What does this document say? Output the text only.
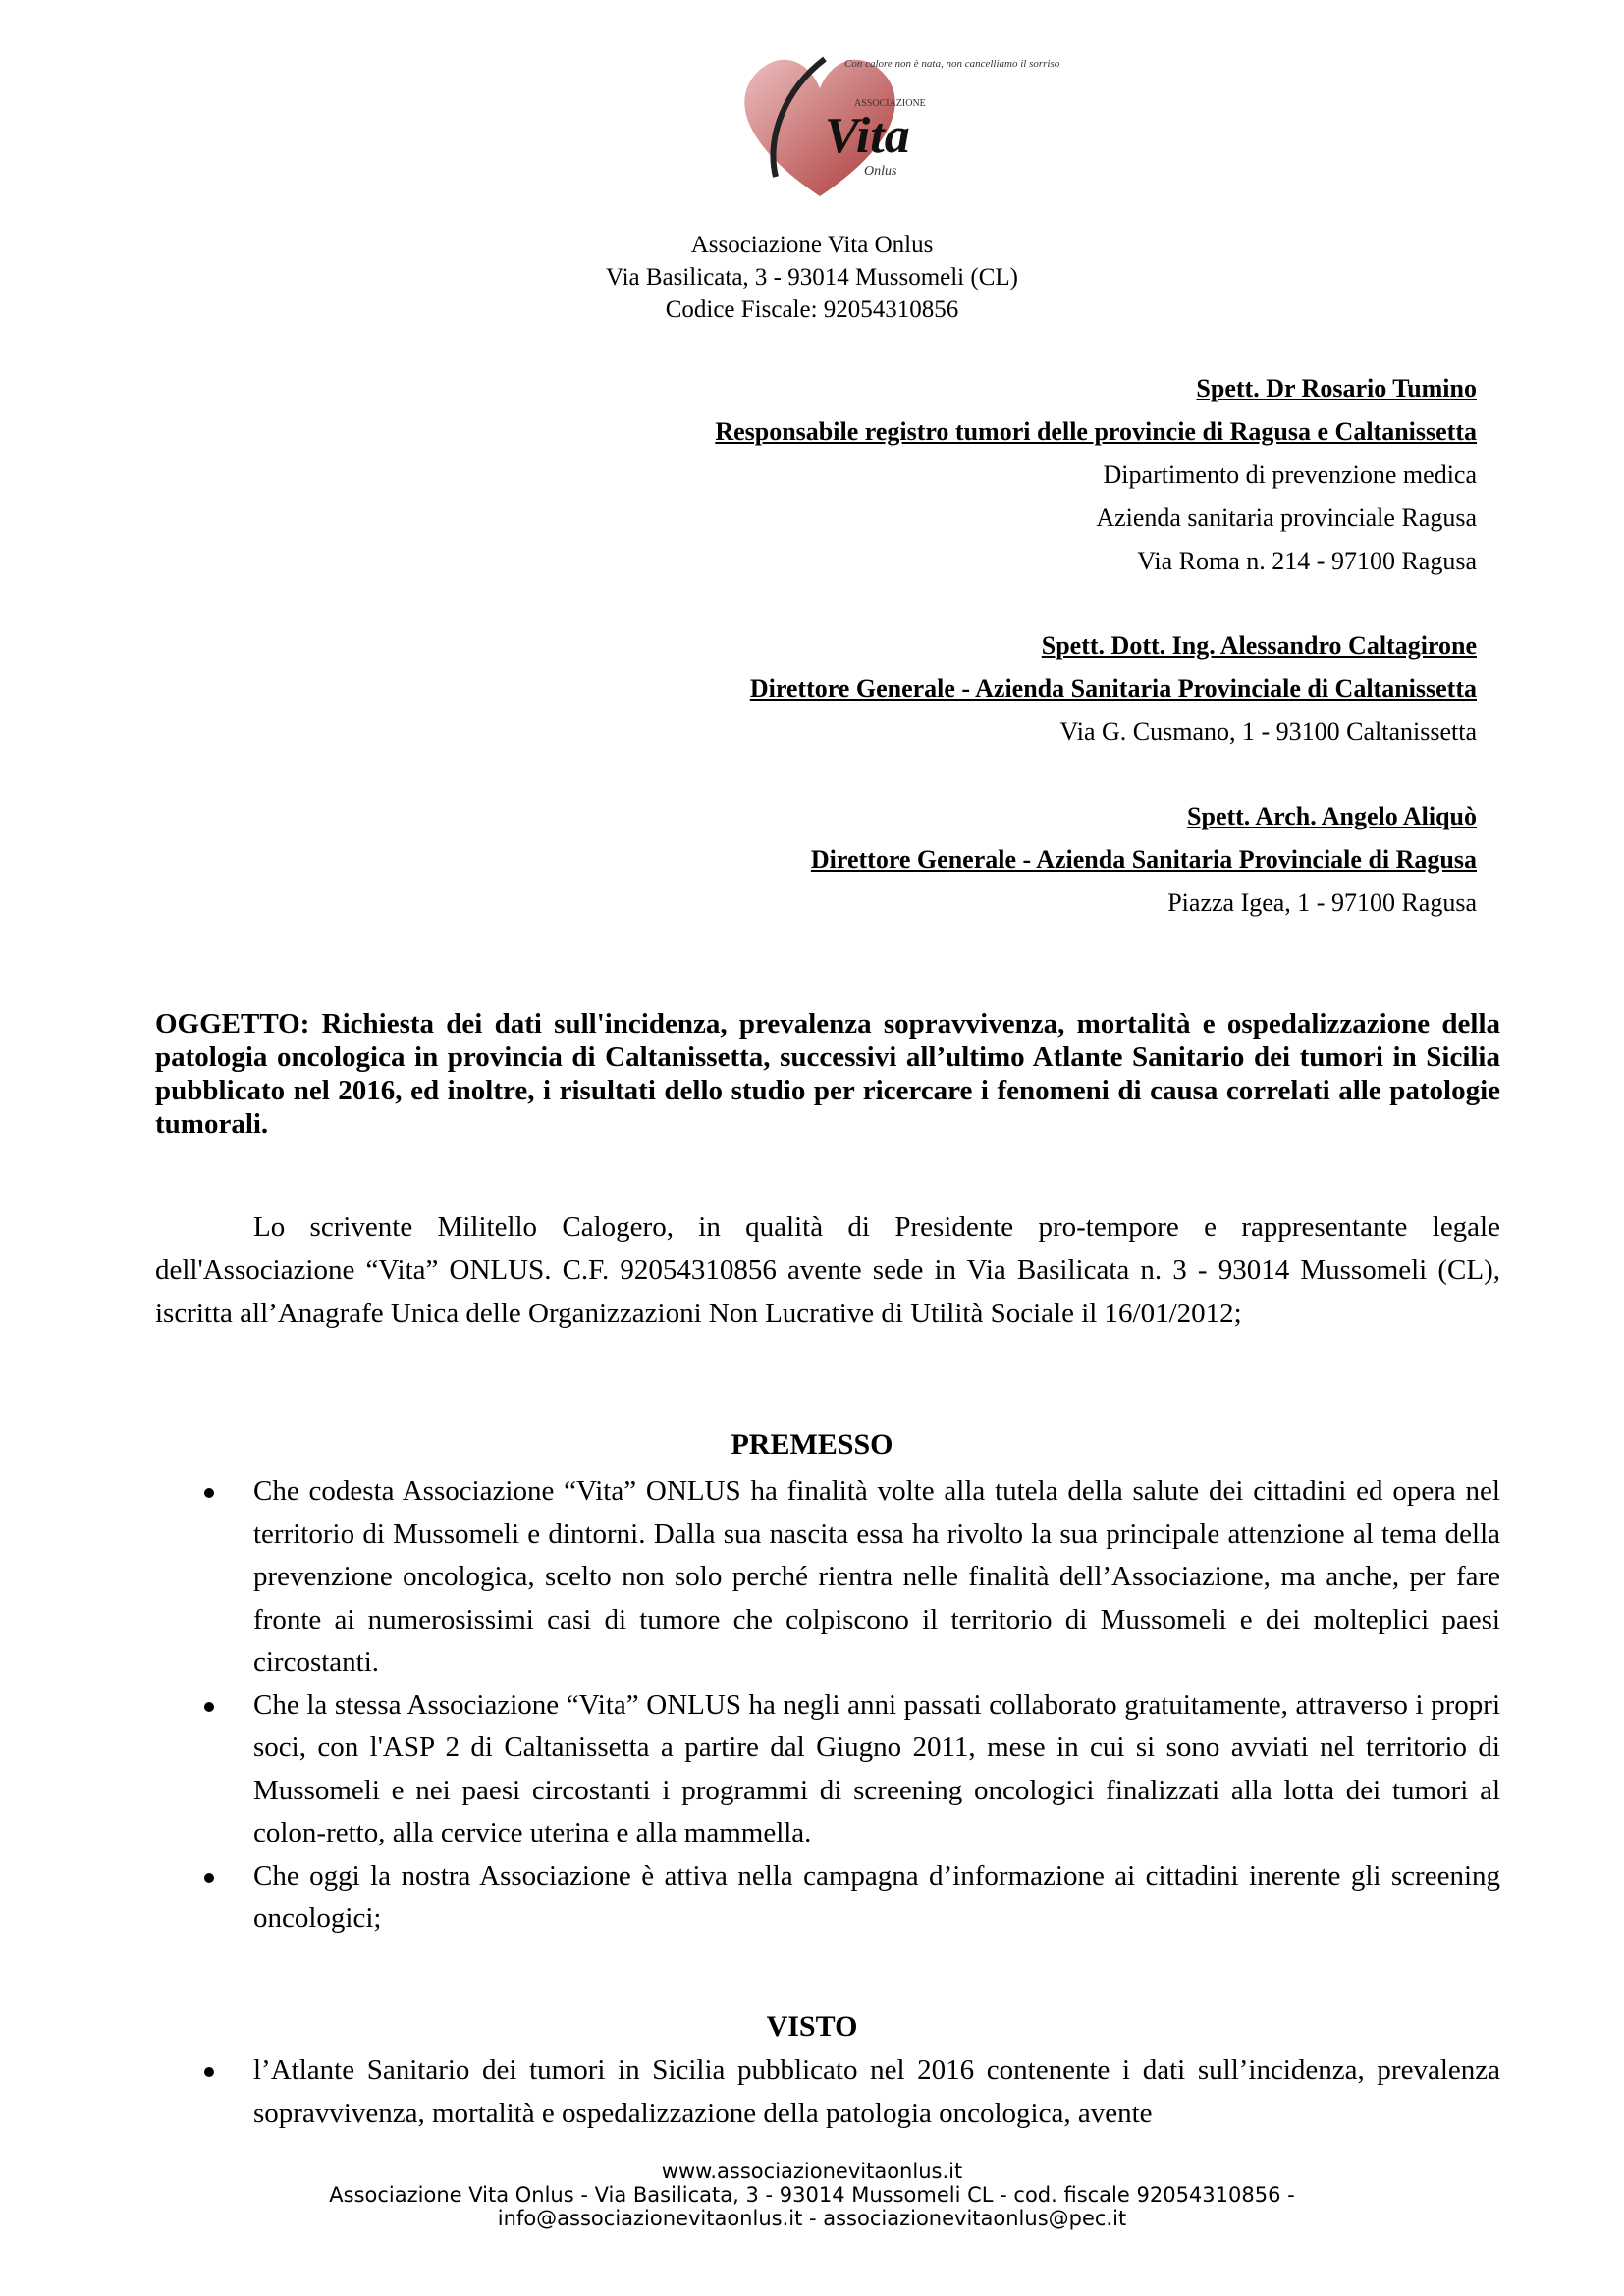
Con calore non è nata, non cancelliamo il sorriso
ASSOCIAZIONE
Vita
Onlus
Associazione Vita Onlus
Via Basilicata, 3 - 93014 Mussomeli (CL)
Codice Fiscale: 92054310856
Spett. Dr Rosario Tumino
Responsabile registro tumori delle provincie di Ragusa e Caltanissetta
Dipartimento di prevenzione medica
Azienda sanitaria provinciale Ragusa
Via Roma n. 214 - 97100 Ragusa
Spett. Dott. Ing. Alessandro Caltagirone
Direttore Generale - Azienda Sanitaria Provinciale di Caltanissetta
Via G. Cusmano, 1 - 93100 Caltanissetta
Spett. Arch. Angelo Aliquò
Direttore Generale - Azienda Sanitaria Provinciale di Ragusa
Piazza Igea, 1 - 97100 Ragusa
OGGETTO: Richiesta dei dati sull'incidenza, prevalenza sopravvivenza, mortalità e ospedalizzazione della patologia oncologica in provincia di Caltanissetta, successivi all’ultimo Atlante Sanitario dei tumori in Sicilia pubblicato nel 2016, ed inoltre, i risultati dello studio per ricercare i fenomeni di causa correlati alle patologie tumorali.
Lo scrivente Militello Calogero, in qualità di Presidente pro-tempore e rappresentante legale dell'Associazione “Vita” ONLUS. C.F. 92054310856 avente sede in Via Basilicata n. 3 - 93014 Mussomeli (CL), iscritta all’Anagrafe Unica delle Organizzazioni Non Lucrative di Utilità Sociale il 16/01/2012;
PREMESSO
Che codesta Associazione “Vita” ONLUS ha finalità volte alla tutela della salute dei cittadini ed opera nel territorio di Mussomeli e dintorni. Dalla sua nascita essa ha rivolto la sua principale attenzione al tema della prevenzione oncologica, scelto non solo perché rientra nelle finalità dell’Associazione, ma anche, per fare fronte ai numerosissimi casi di tumore che colpiscono il territorio di Mussomeli e dei molteplici paesi circostanti.
Che la stessa Associazione “Vita” ONLUS ha negli anni passati collaborato gratuitamente, attraverso i propri soci, con l'ASP 2 di Caltanissetta a partire dal Giugno 2011, mese in cui si sono avviati nel territorio di Mussomeli e nei paesi circostanti i programmi di screening oncologici finalizzati alla lotta dei tumori al colon-retto, alla cervice uterina e alla mammella.
Che oggi la nostra Associazione è attiva nella campagna d’informazione ai cittadini inerente gli screening oncologici;
VISTO
l’Atlante Sanitario dei tumori in Sicilia pubblicato nel 2016 contenente i dati sull’incidenza, prevalenza sopravvivenza, mortalità e ospedalizzazione della patologia oncologica, avente
www.associazionevitaonlus.it
Associazione Vita Onlus - Via Basilicata, 3 - 93014 Mussomeli CL - cod. fiscale 92054310856 -
info@associazionevitaonlus.it - associazionevitaonlus@pec.it
